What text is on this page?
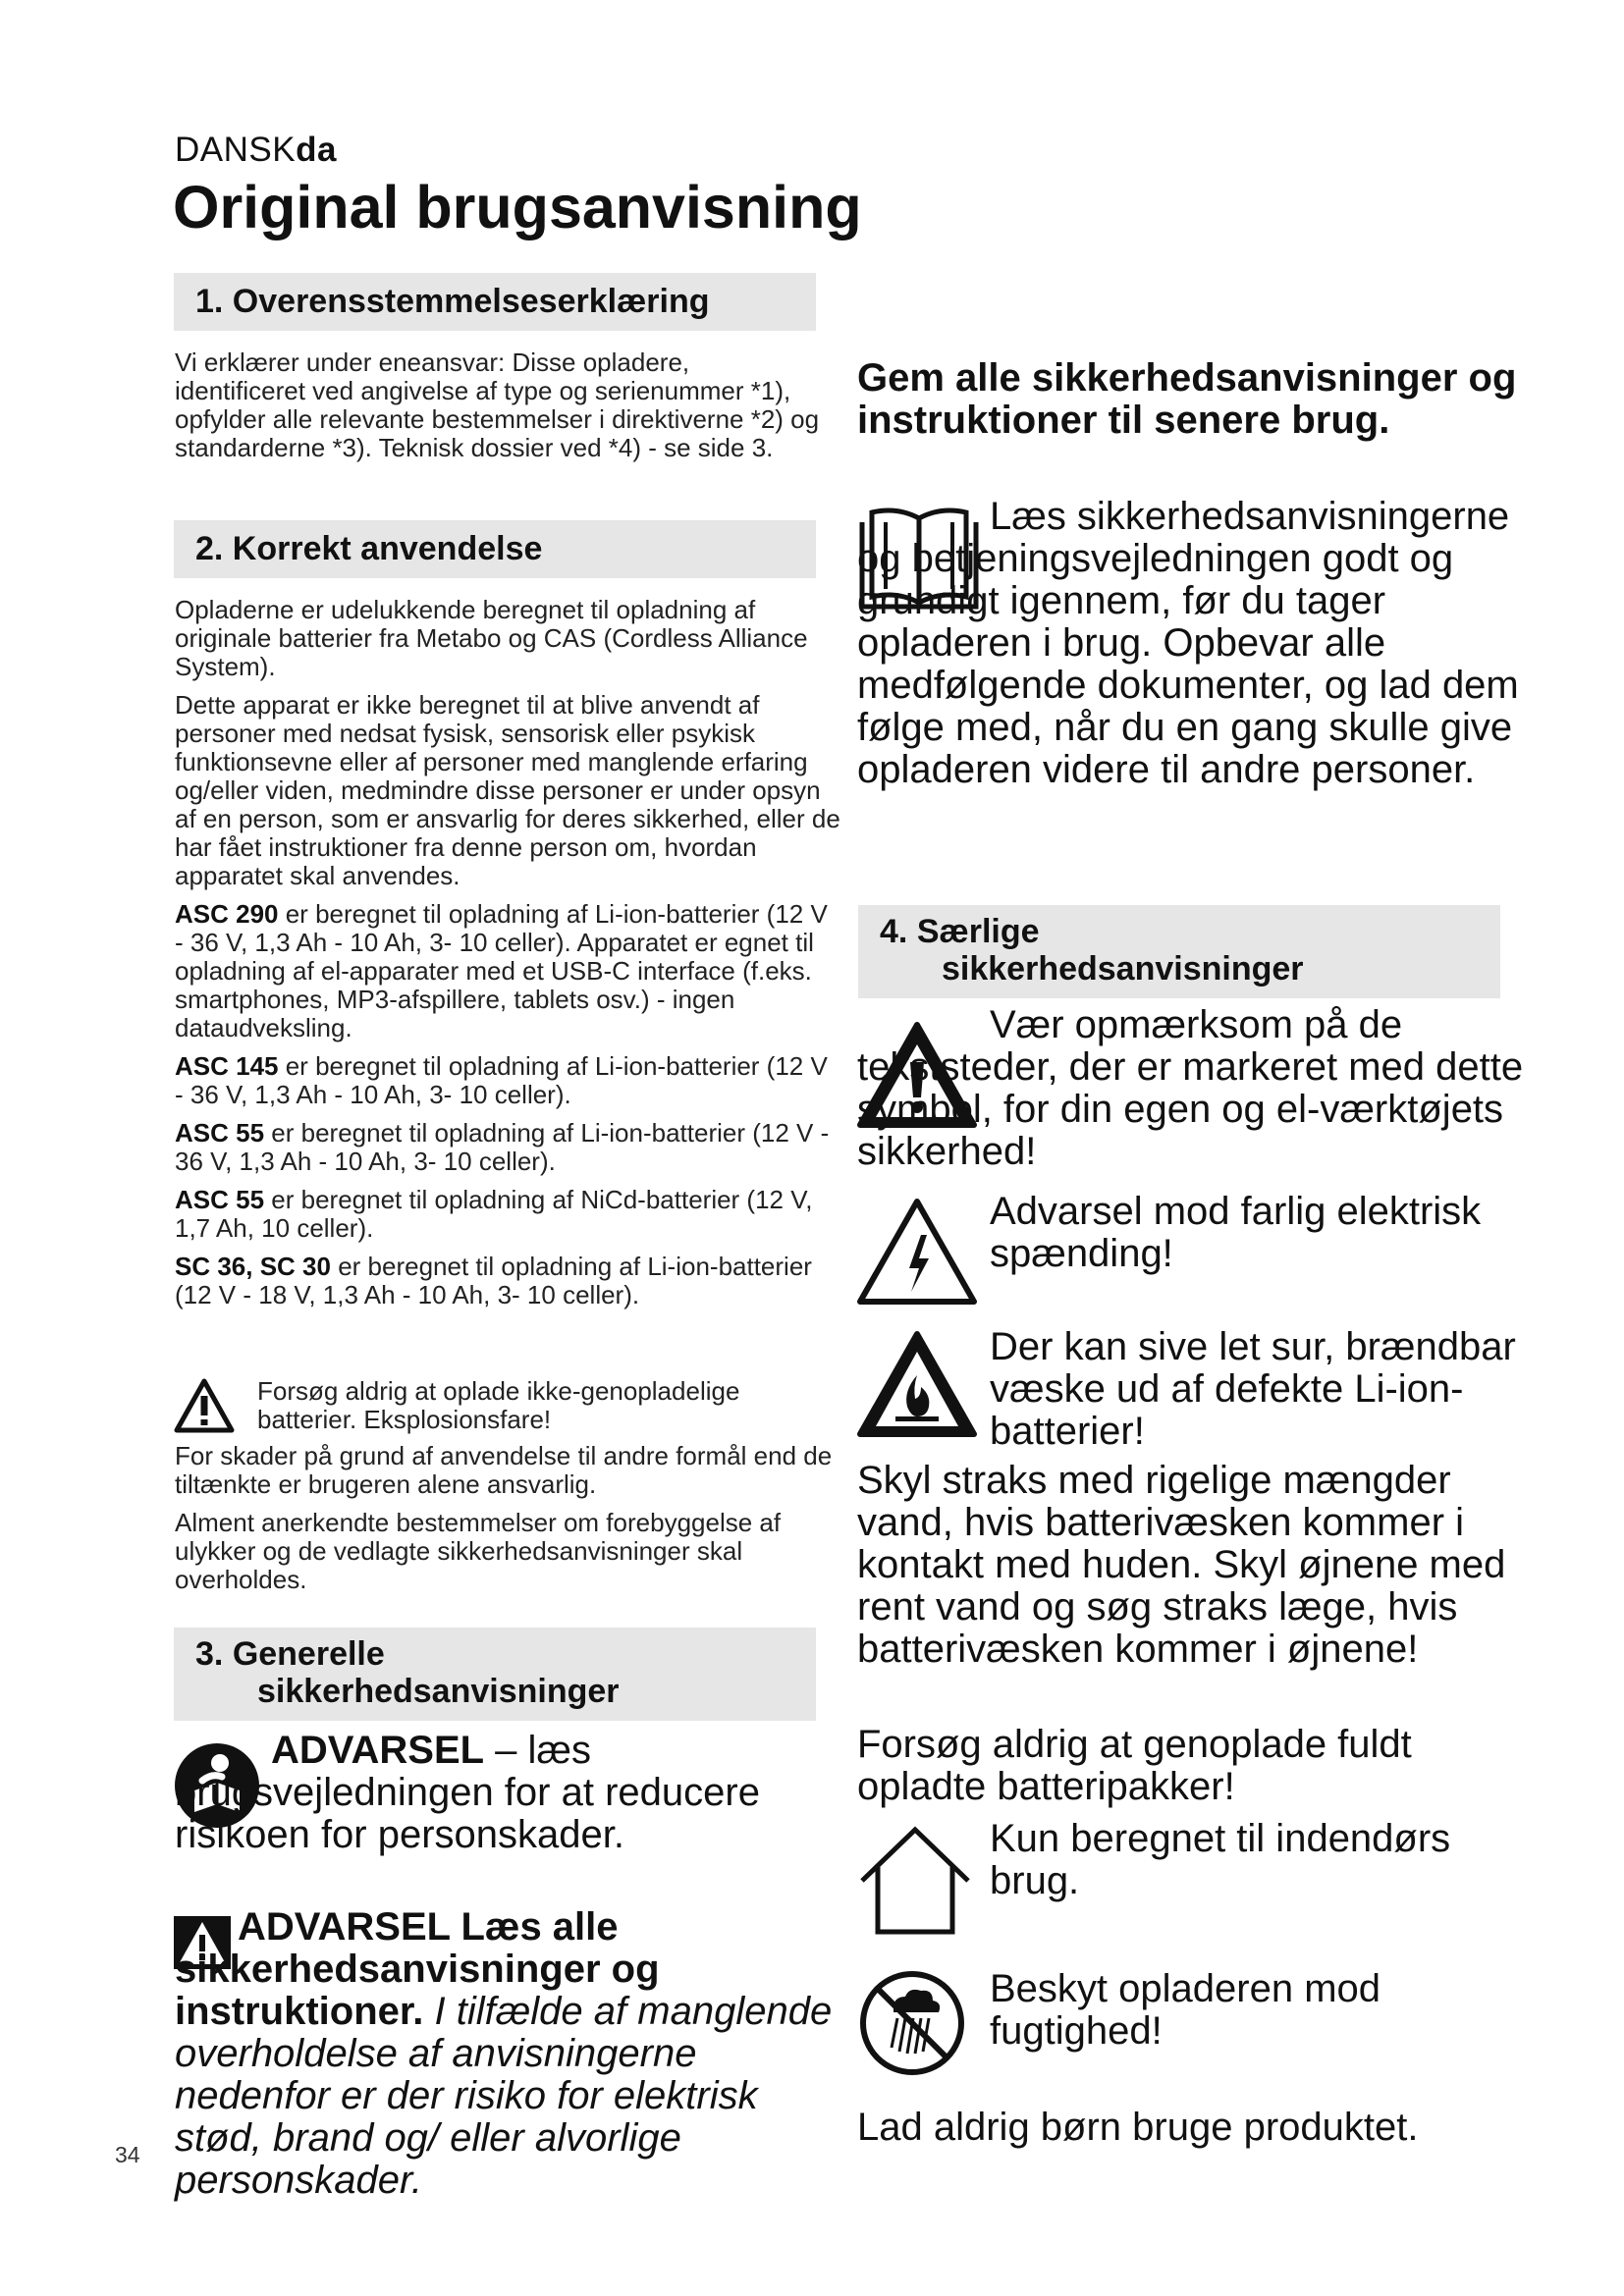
DANSKda
Original brugsanvisning
1. Overensstemmelseserklæring

Vi erklærer under eneansvar: Disse opladere, identificeret ved angivelse af type og serienummer *1), opfylder alle relevante bestemmelser i direktiverne *2) og standarderne *3). Teknisk dossier ved *4) - se side 3.

2. Korrekt anvendelse

Opladerne er udelukkende beregnet til opladning af originale batterier fra Metabo og CAS (Cordless Alliance System).

Dette apparat er ikke beregnet til at blive anvendt af personer med nedsat fysisk, sensorisk eller psykisk funktionsevne eller af personer med manglende erfaring og/eller viden, medmindre disse personer er under opsyn af en person, som er ansvarlig for deres sikkerhed, eller de har fået instruktioner fra denne person om, hvordan apparatet skal anvendes.

ASC 290 er beregnet til opladning af Li-ion-batterier (12 V - 36 V, 1,3 Ah - 10 Ah, 3- 10 celler). Apparatet er egnet til opladning af el-apparater med et USB-C interface (f.eks. smartphones, MP3-afspillere, tablets osv.) - ingen dataudveksling.

ASC 145 er beregnet til opladning af Li-ion-batterier (12 V - 36 V, 1,3 Ah - 10 Ah, 3- 10 celler).

ASC 55 er beregnet til opladning af Li-ion-batterier (12 V - 36 V, 1,3 Ah - 10 Ah, 3- 10 celler).

ASC 55 er beregnet til opladning af NiCd-batterier (12 V, 1,7 Ah, 10 celler).

SC 36, SC 30 er beregnet til opladning af Li-ion-batterier (12 V - 18 V, 1,3 Ah - 10 Ah, 3- 10 celler).

Forsøg aldrig at oplade ikke-genopladelige batterier. Eksplosionsfare!

For skader på grund af anvendelse til andre formål end de tiltænkte er brugeren alene ansvarlig.

Alment anerkendte bestemmelser om forebyggelse af ulykker og de vedlagte sikkerhedsanvisninger skal overholdes.

3. Generelle
sikkerhedsanvisninger
ADVARSEL – læs brugsvejledningen for at reducere risikoen for personskader.
ADVARSEL Læs alle sikkerhedsanvisninger og instruktioner. I tilfælde af manglende overholdelse af anvisningerne nedenfor er der risiko for elektrisk stød, brand og/ eller alvorlige personskader.
Gem alle sikkerhedsanvisninger og instruktioner til senere brug.
Læs sikkerhedsanvisningerne og betjeningsvejledningen godt og grundigt igennem, før du tager opladeren i brug. Opbevar alle medfølgende dokumenter, og lad dem følge med, når du en gang skulle give opladeren videre til andre personer.
4. Særlige
sikkerhedsanvisninger
Vær opmærksom på de tekststeder, der er markeret med dette symbol, for din egen og el-værktøjets sikkerhed!
Advarsel mod farlig elektrisk spænding!
Der kan sive let sur, brændbar væske ud af defekte Li-ion-batterier!
Skyl straks med rigelige mængder vand, hvis batterivæsken kommer i kontakt med huden. Skyl øjnene med rent vand og søg straks læge, hvis batterivæsken kommer i øjnene!
Forsøg aldrig at genoplade fuldt opladte batteripakker!
Kun beregnet til indendørs brug.
Beskyt opladeren mod fugtighed!
Lad aldrig børn bruge produktet.
34
